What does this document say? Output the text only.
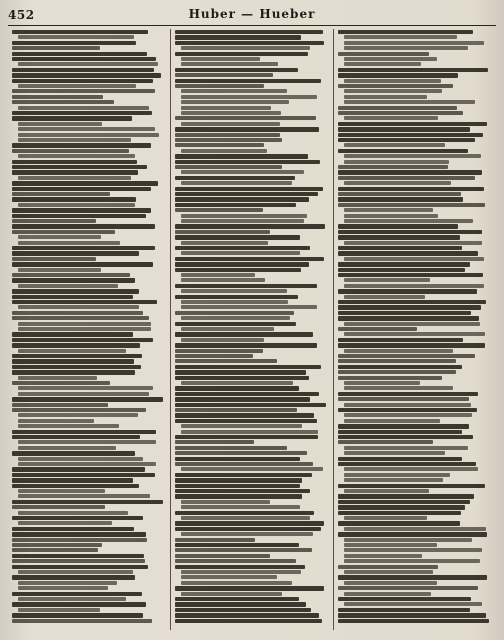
452	Huber — Hueber
